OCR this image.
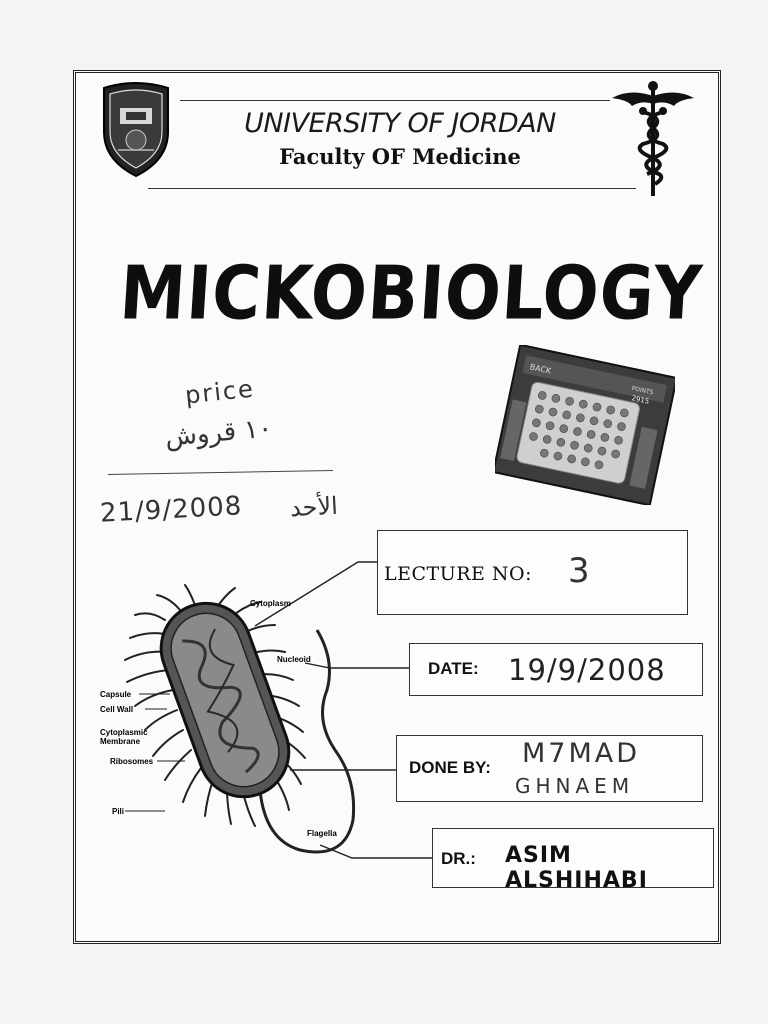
UNIVERSITY OF JORDAN
Faculty OF Medicine
MICKOBIOLOGY
price
١٠ قروش
21/9/2008 الأحد
BACK
POINTS
2915
Cytoplasm
Nucleoid
Capsule
Cell Wall
Cytoplasmic
Membrane
Ribosomes
Pili
Flagella
LECTURE NO: 3
DATE: 19/9/2008
DONE BY: M7MAD
GHNAEM
DR.: ASIM ALSHIHABI
